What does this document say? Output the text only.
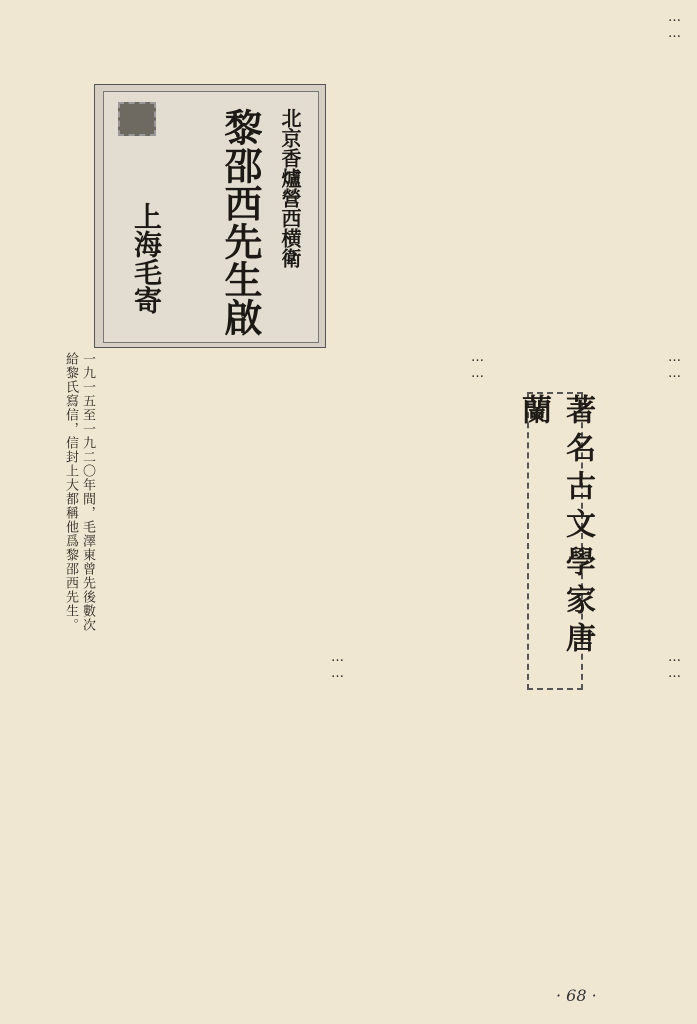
……
北京香爐營西横衛
黎邵西先生啟
上海毛寄
一九一五至一九二〇年間，毛澤東曾先後數次給黎氏寫信，信封上大都稱他爲黎邵西先生。	……	……
著名古文學家唐蘭
……
……
· 68 ·
